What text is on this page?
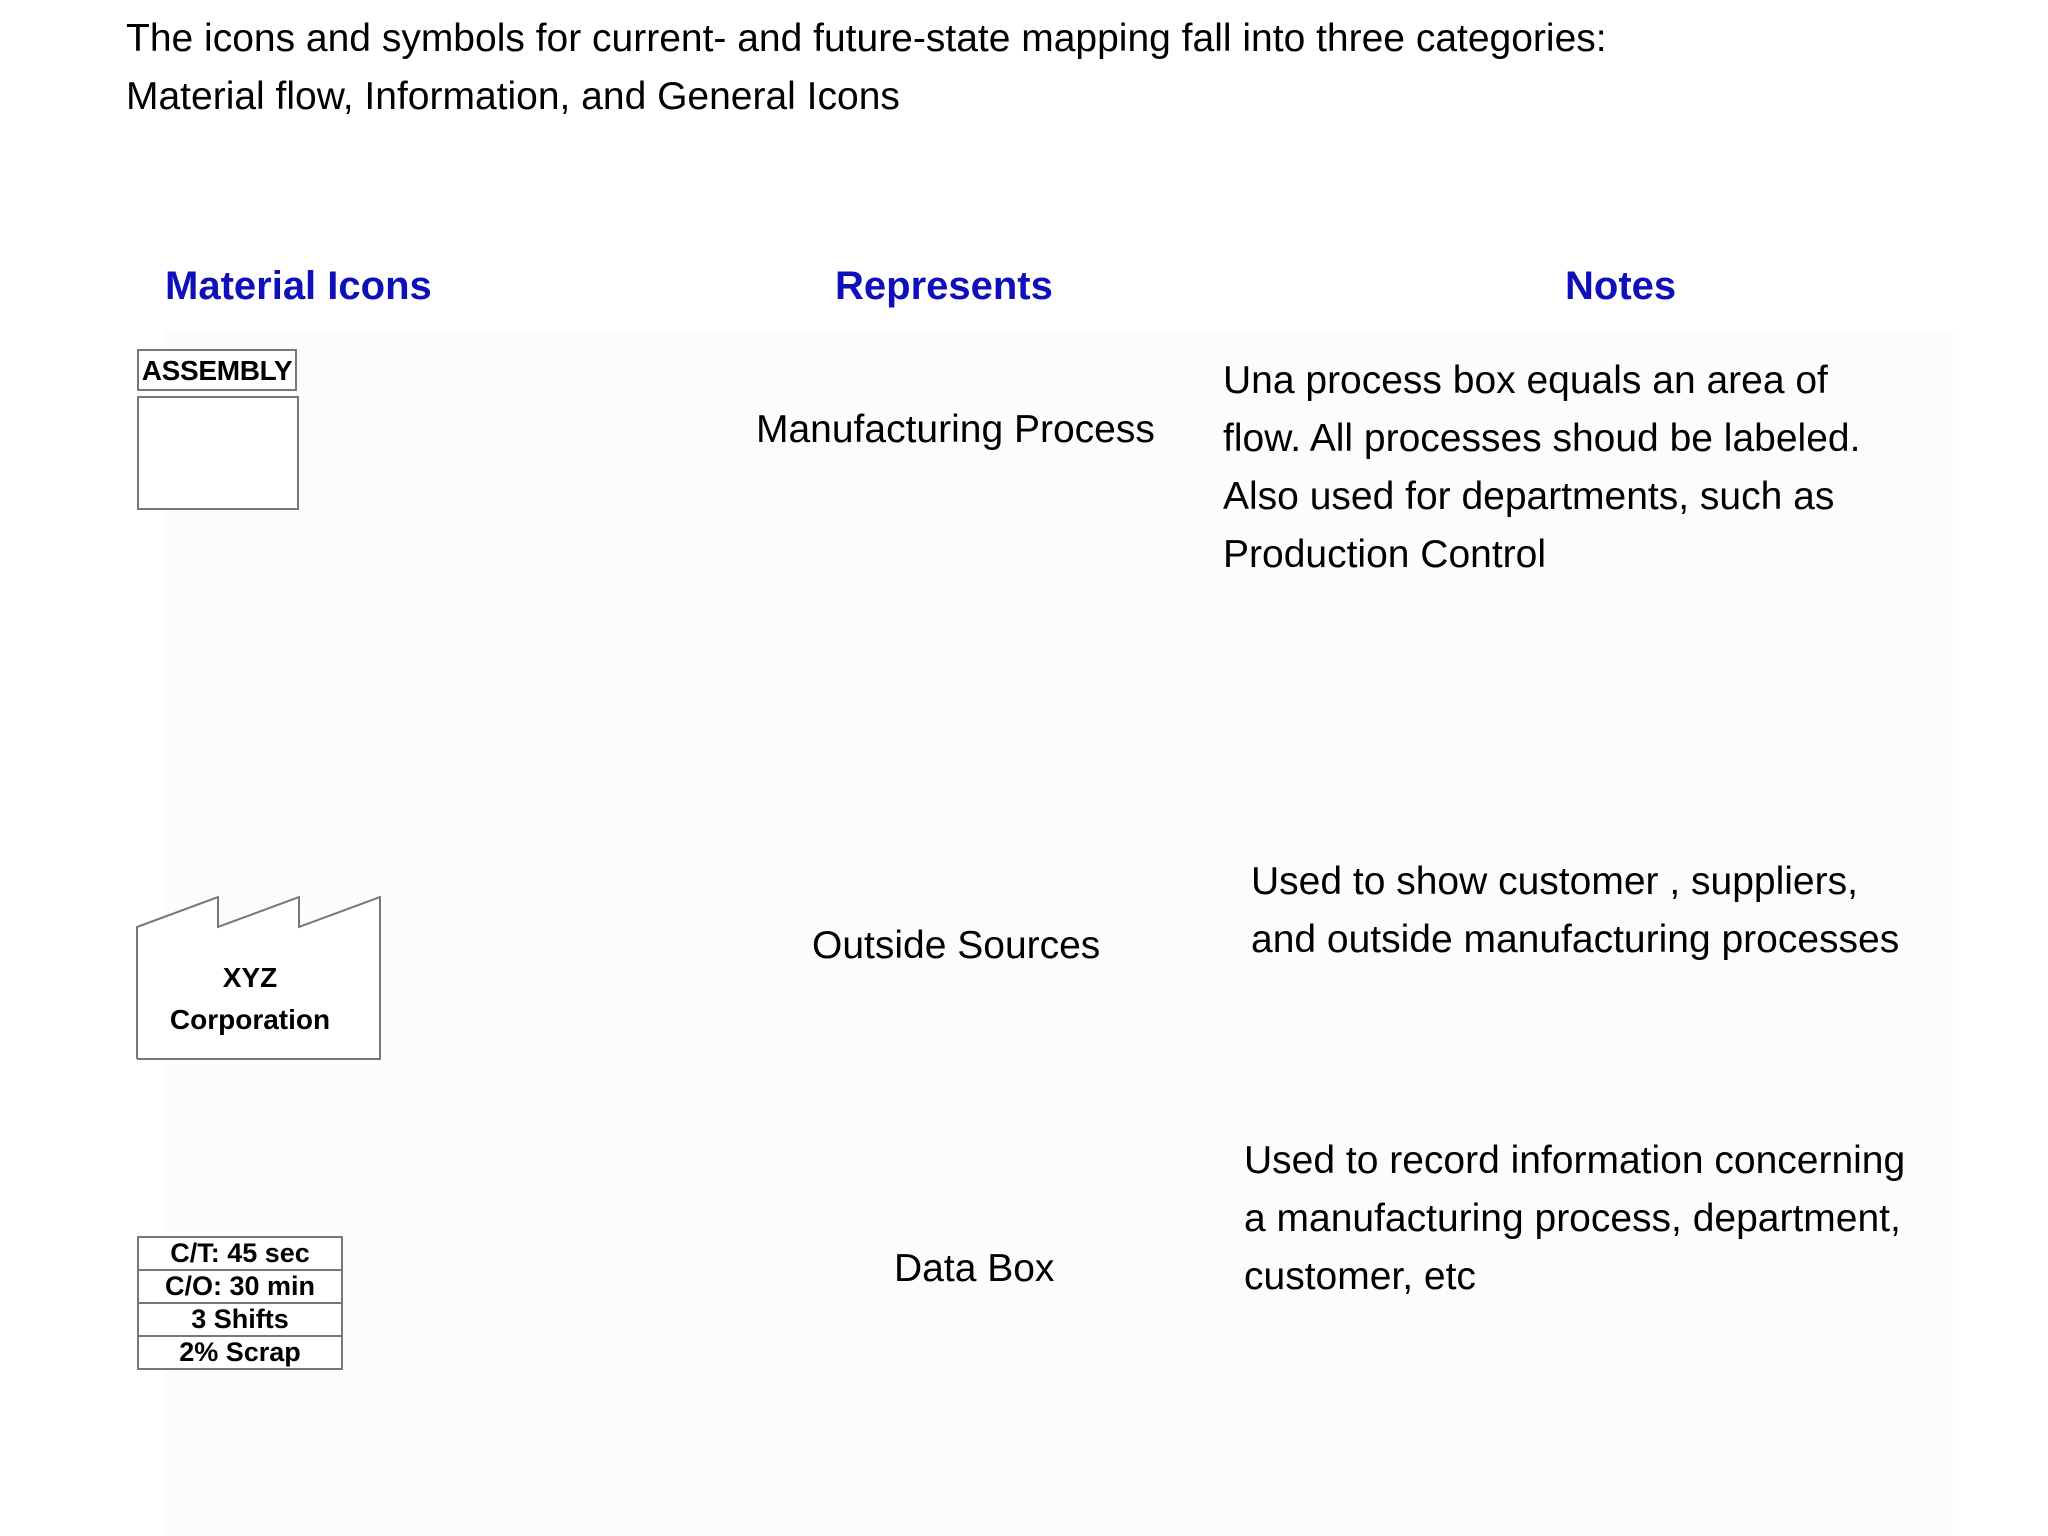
The icons and symbols for current- and future-state mapping fall into three categories:
Material flow, Information, and General Icons

Material Icons	Represents	Notes
ASSEMBLY
Manufacturing Process

Una process box equals an area of
flow. All processes shoud be labeled.
Also used for departments, such as
Production Control

XYZ
Corporation
Outside Sources

Used to show customer , suppliers,
and outside manufacturing processes

C/T: 45 sec
C/O: 30 min
3 Shifts
2% Scrap
Data Box

Used to record information concerning
a manufacturing process, department,
customer, etc
